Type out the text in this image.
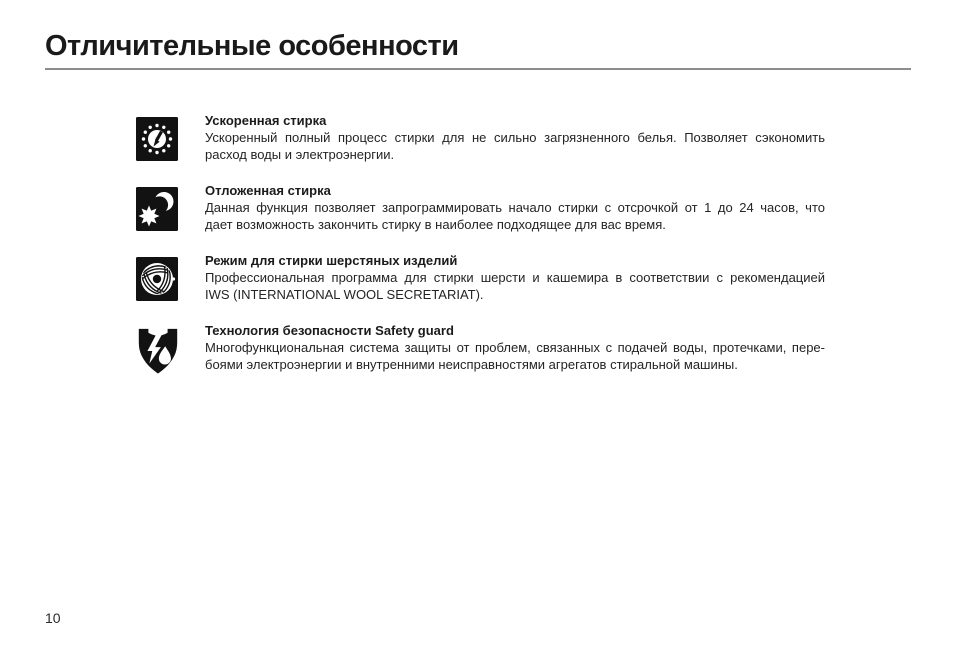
Отличительные особенности
Ускоренная стирка
Ускоренный полный процесс стирки для не сильно загрязненного белья. Позволяет сэкономить
расход воды и электроэнергии.
Отложенная стирка
Данная функция позволяет запрограммировать начало стирки с отсрочкой от 1 до 24 часов, что
дает возможность закончить стирку в наиболее подходящее для вас время.
Режим для стирки шерстяных изделий
Профессиональная программа для стирки шерсти и кашемира в соответствии с рекомендацией
IWS (INTERNATIONAL WOOL SECRETARIAT).
Технология безопасности Safety guard
Многофункциональная система защиты от проблем, связанных с подачей воды, протечками, пере-
боями электроэнергии и внутренними неисправностями агрегатов стиральной машины.
10
